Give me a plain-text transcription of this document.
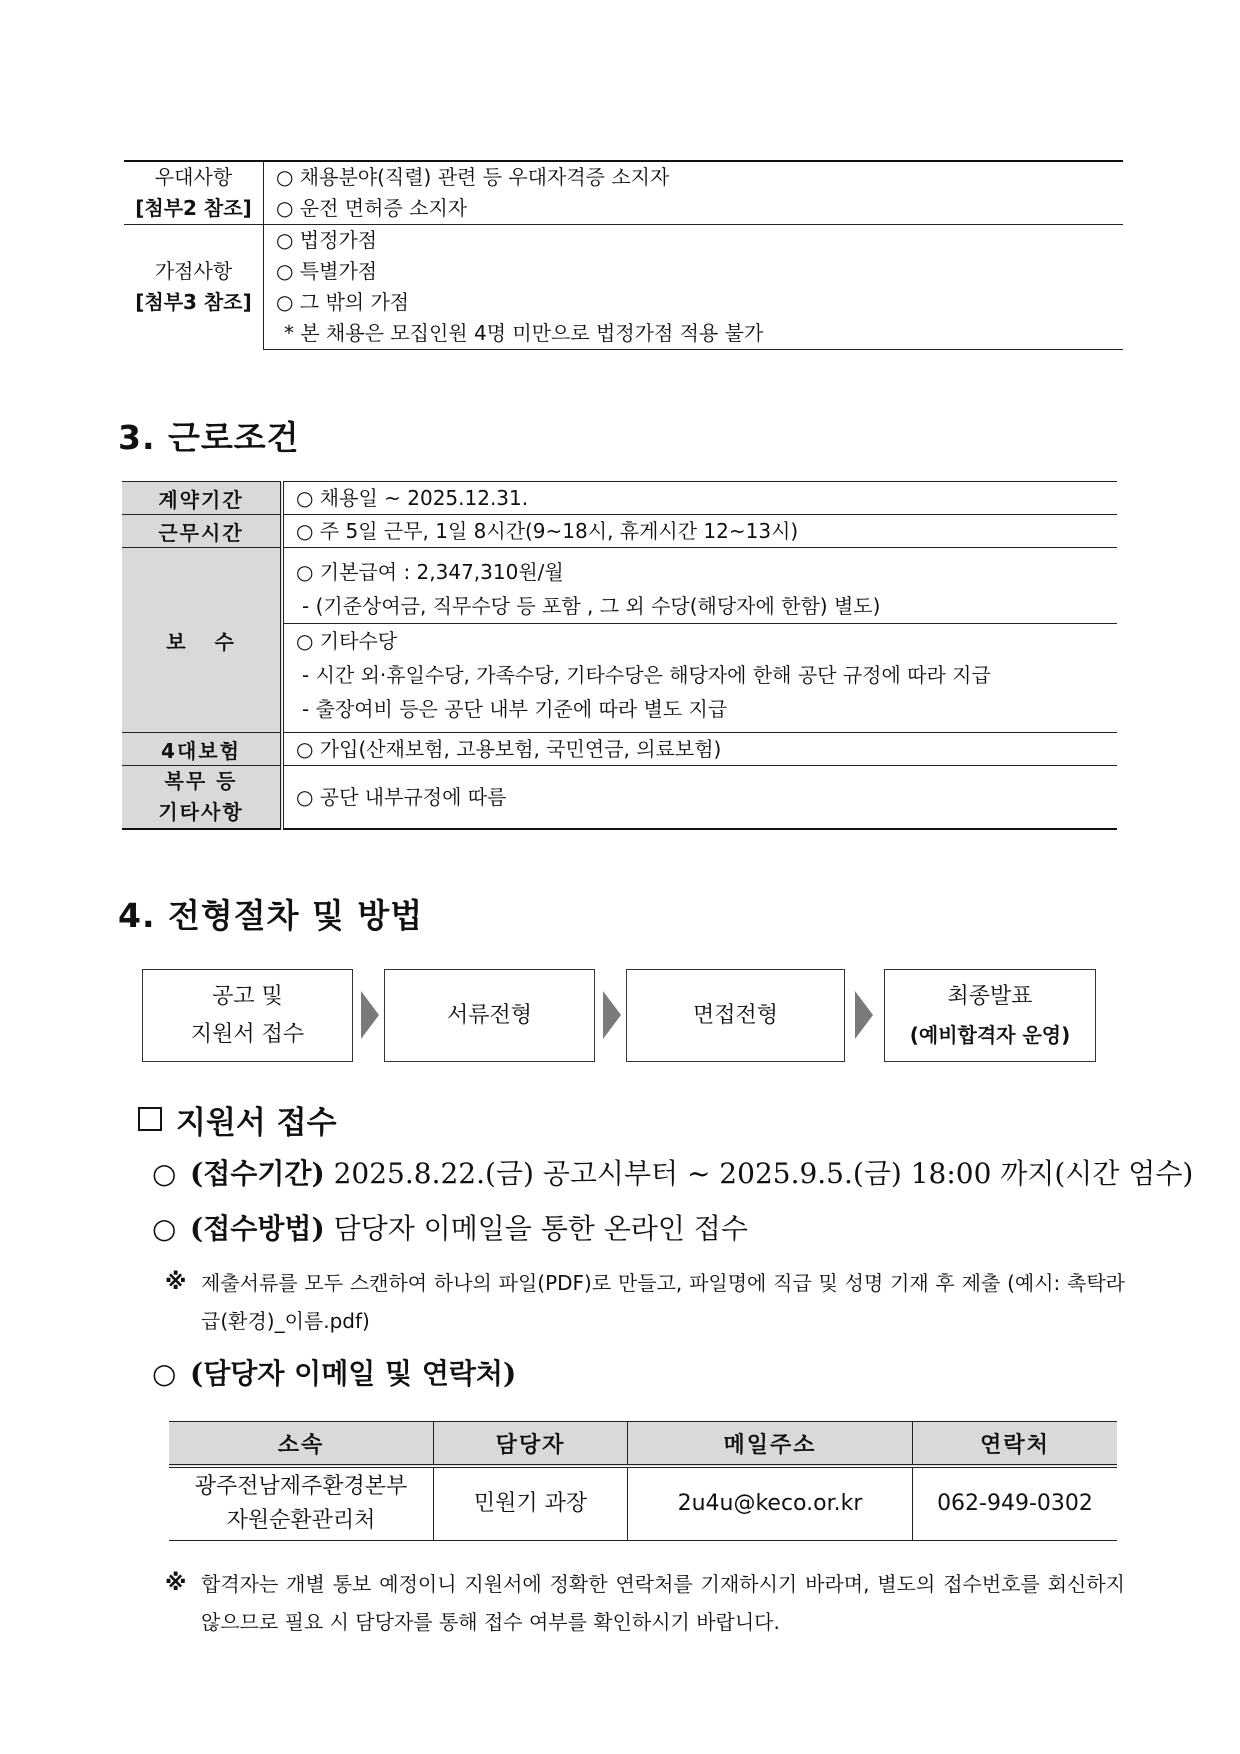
우대사항
[첨부2 참조]	○ 채용분야(직렬) 관련 등 우대자격증 소지자
	○ 운전 면허증 소지자

가점사항
[첨부3 참조]	○ 법정가점
	○ 특별가점
	○ 그 밖의 가점
	* 본 채용은 모집인원 4명 미만으로 법정가점 적용 불가
3. 근로조건
계약기간	○ 채용일 ~ 2025.12.31.
근무시간	○ 주 5일 근무, 1일 8시간(9~18시, 휴게시간 12~13시)
보   수	○ 기본급여 : 2,347,310원/월
- (기준상여금, 직무수당 등 포함 , 그 외 수당(해당자에 한함) 별도)
○ 기타수당
- 시간 외·휴일수당, 가족수당, 기타수당은 해당자에 한해 공단 규정에 따라 지급
- 출장여비 등은 공단 내부 기준에 따라 별도 지급

4대보험	○ 가입(산재보험, 고용보험, 국민연금, 의료보험)

복무 등
기타사항	○ 공단 내부규정에 따름
4. 전형절차 및 방법
공고 및
지원서 접수
서류전형	면접전형
최종발표
(예비합격자 운영)
지원서 접수
○ (접수기간) 2025.8.22.(금) 공고시부터 ~ 2025.9.5.(금) 18:00 까지(시간 엄수)
○ (접수방법) 담당자 이메일을 통한 온라인 접수
※ 제출서류를 모두 스캔하여 하나의 파일(PDF)로 만들고, 파일명에 직급 및 성명 기재 후 제출 (예시: 촉탁라급(환경)_이름.pdf)
○ (담당자 이메일 및 연락처)
소속	담당자	메일주소	연락처

광주전남제주환경본부
자원순환관리처	민원기 과장	2u4u@keco.or.kr	062-949-0302
※ 합격자는 개별 통보 예정이니 지원서에 정확한 연락처를 기재하시기 바라며, 별도의 접수번호를 회신하지 않으므로 필요 시 담당자를 통해 접수 여부를 확인하시기 바랍니다.
